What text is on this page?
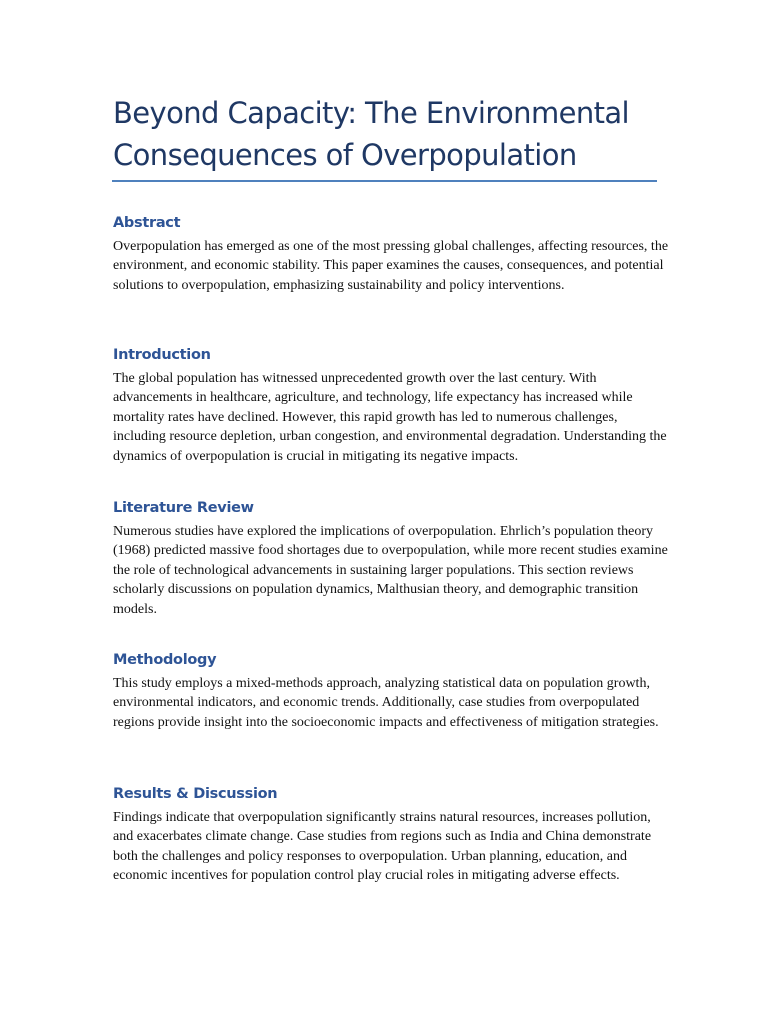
Beyond Capacity: The Environmental Consequences of Overpopulation
Abstract

Overpopulation has emerged as one of the most pressing global challenges, affecting resources, the environment, and economic stability. This paper examines the causes, consequences, and potential solutions to overpopulation, emphasizing sustainability and policy interventions.

Introduction

The global population has witnessed unprecedented growth over the last century. With advancements in healthcare, agriculture, and technology, life expectancy has increased while mortality rates have declined. However, this rapid growth has led to numerous challenges, including resource depletion, urban congestion, and environmental degradation. Understanding the dynamics of overpopulation is crucial in mitigating its negative impacts.

Literature Review

Numerous studies have explored the implications of overpopulation. Ehrlich’s population theory (1968) predicted massive food shortages due to overpopulation, while more recent studies examine the role of technological advancements in sustaining larger populations. This section reviews scholarly discussions on population dynamics, Malthusian theory, and demographic transition models.

Methodology

This study employs a mixed-methods approach, analyzing statistical data on population growth, environmental indicators, and economic trends. Additionally, case studies from overpopulated regions provide insight into the socioeconomic impacts and effectiveness of mitigation strategies.

Results & Discussion

Findings indicate that overpopulation significantly strains natural resources, increases pollution, and exacerbates climate change. Case studies from regions such as India and China demonstrate both the challenges and policy responses to overpopulation. Urban planning, education, and economic incentives for population control play crucial roles in mitigating adverse effects.
